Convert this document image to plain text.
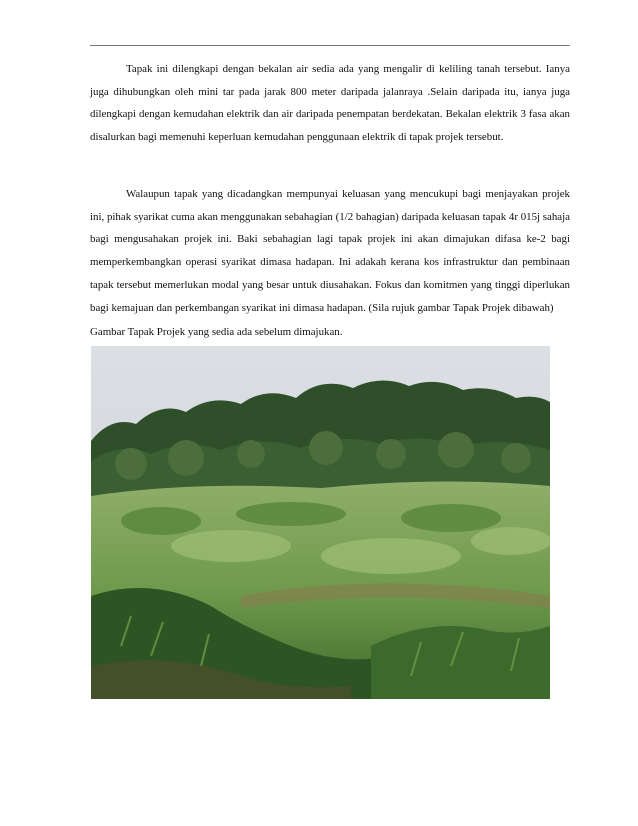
Tapak ini dilengkapi dengan bekalan air sedia ada yang mengalir di keliling tanah tersebut. Ianya juga dihubungkan oleh mini tar pada jarak 800 meter daripada jalanraya .Selain daripada itu, ianya juga dilengkapi dengan kemudahan elektrik dan air daripada penempatan berdekatan. Bekalan elektrik 3 fasa akan disalurkan bagi memenuhi keperluan kemudahan penggunaan elektrik di tapak projek tersebut.

Walaupun tapak yang dicadangkan mempunyai keluasan yang mencukupi bagi menjayakan projek ini, pihak syarikat cuma akan menggunakan sebahagian (1/2 bahagian) daripada keluasan tapak 4r 015j sahaja bagi mengusahakan projek ini. Baki sebahagian lagi tapak projek ini akan dimajukan difasa ke-2 bagi memperkembangkan operasi syarikat dimasa hadapan. Ini adakah kerana kos infrastruktur dan pembinaan tapak tersebut memerlukan modal yang besar untuk diusahakan. Fokus dan komitmen yang tinggi diperlukan bagi kemajuan dan perkembangan syarikat ini dimasa hadapan. (Sila rujuk gambar Tapak Projek dibawah)

Gambar Tapak Projek yang sedia ada sebelum dimajukan.
